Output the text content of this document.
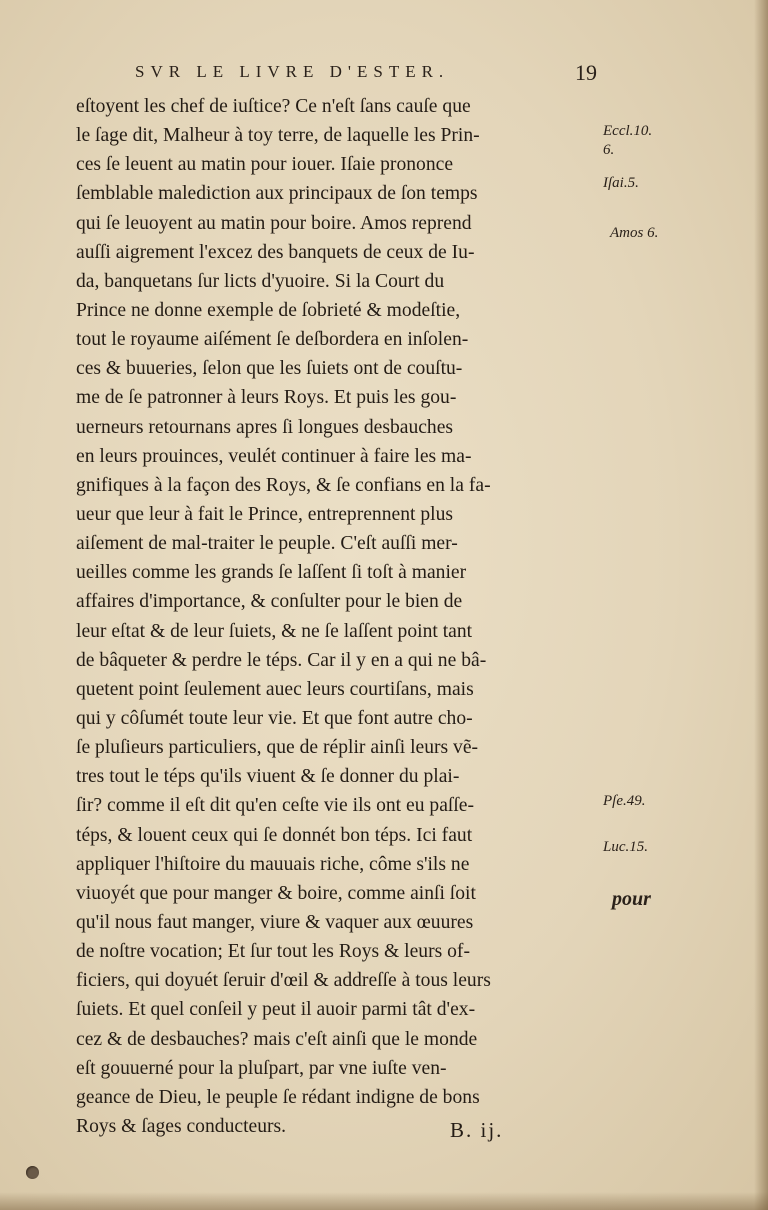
SVR LE LIVRE D'ESTER.	19
eſtoyent les chef de iuſtice? Ce n'eſt ſans cauſe que
le ſage dit, Malheur à toy terre, de laquelle les Prin-
ces ſe leuent au matin pour iouer. Iſaie prononce
ſemblable malediction aux principaux de ſon temps
qui ſe leuoyent au matin pour boire. Amos reprend
auſſi aigrement l'excez des banquets de ceux de Iu-
da, banquetans ſur licts d'yuoire. Si la Court du
Prince ne donne exemple de ſobrieté & modeſtie,
tout le royaume aiſément ſe deſbordera en inſolen-
ces & buueries, ſelon que les ſuiets ont de couſtu-
me de ſe patronner à leurs Roys. Et puis les gou-
uerneurs retournans apres ſi longues desbauches
en leurs prouinces, veulét continuer à faire les ma-
gnifiques à la façon des Roys, & ſe confians en la fa-
ueur que leur à fait le Prince, entreprennent plus
aiſement de mal-traiter le peuple. C'eſt auſſi mer-
ueilles comme les grands ſe laſſent ſi toſt à manier
affaires d'importance, & conſulter pour le bien de
leur eſtat & de leur ſuiets, & ne ſe laſſent point tant
de bâqueter & perdre le téps. Car il y en a qui ne bâ-
quetent point ſeulement auec leurs courtiſans, mais
qui y côſumét toute leur vie. Et que font autre cho-
ſe pluſieurs particuliers, que de réplir ainſi leurs vẽ-
tres tout le téps qu'ils viuent & ſe donner du plai-
ſir? comme il eſt dit qu'en ceſte vie ils ont eu paſſe-
téps, & louent ceux qui ſe donnét bon téps. Ici faut
appliquer l'hiſtoire du mauuais riche, côme s'ils ne
viuoyét que pour manger & boire, comme ainſi ſoit
qu'il nous faut manger, viure & vaquer aux œuures
de noſtre vocation; Et ſur tout les Roys & leurs of-
ficiers, qui doyuét ſeruir d'œil & addreſſe à tous leurs
ſuiets. Et quel conſeil y peut il auoir parmi tât d'ex-
cez & de desbauches? mais c'eſt ainſi que le monde
eſt gouuerné pour la pluſpart, par vne iuſte ven-
geance de Dieu, le peuple ſe rédant indigne de bons
Roys & ſages conducteurs.
Eccl.10.
6.
Iſai.5.
Amos 6.
Pſe.49.
Luc.15.
pour
B. ij.
